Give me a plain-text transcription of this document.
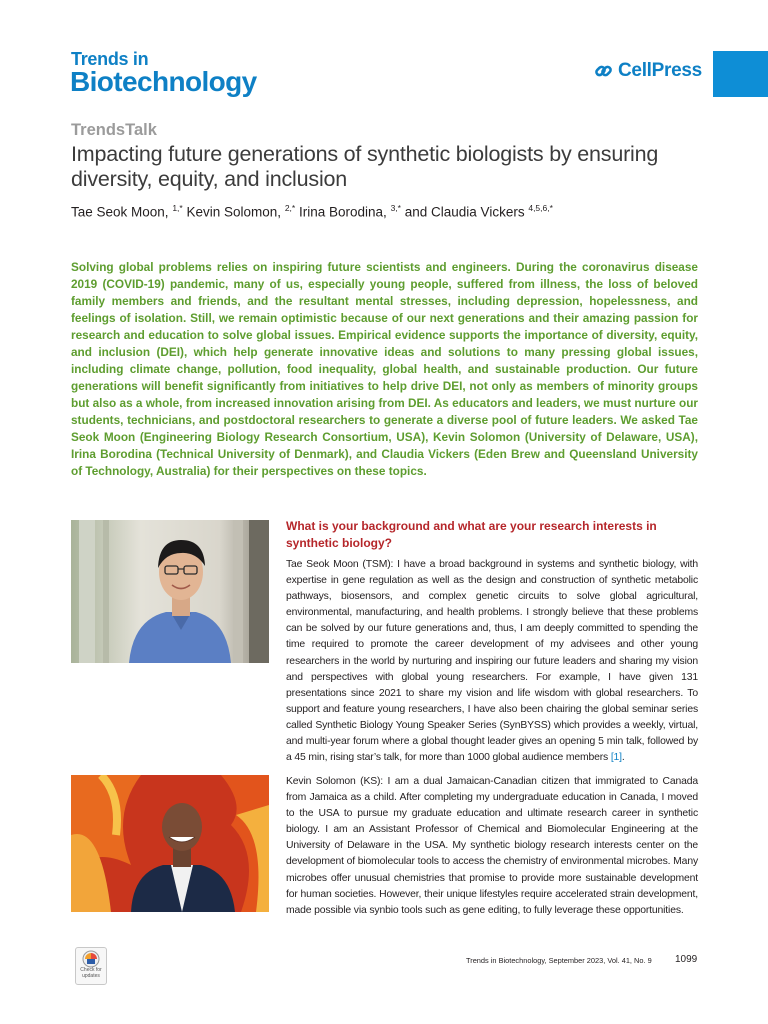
Trends in
Biotechnology	CellPress
TrendsTalk
Impacting future generations of synthetic biologists by ensuring diversity, equity, and inclusion
Tae Seok Moon, $^{1,*}$ Kevin Solomon, $^{2,*}$ Irina Borodina, $^{3,*}$ and Claudia Vickers $^{4,5,6,*}$

Solving global problems relies on inspiring future scientists and engineers. During the coronavirus disease 2019 (COVID-19) pandemic, many of us, especially young people, suffered from illness, the loss of beloved family members and friends, and the resultant mental stresses, including depression, hopelessness, and feelings of isolation. Still, we remain optimistic because of our next generations and their amazing passion for research and education to solve global issues. Empirical evidence supports the importance of diversity, equity, and inclusion (DEI), which help generate innovative ideas and solutions to many pressing global issues, including climate change, pollution, food inequality, global health, and sustainable production. Our future generations will benefit significantly from initiatives to help drive DEI, not only as members of minority groups but also as a whole, from increased innovation arising from DEI. As educators and leaders, we must nurture our students, technicians, and postdoctoral researchers to generate a diverse pool of future leaders. We asked Tae Seok Moon (Engineering Biology Research Consortium, USA), Kevin Solomon (University of Delaware, USA), Irina Borodina (Technical University of Denmark), and Claudia Vickers (Eden Brew and Queensland University of Technology, Australia) for their perspectives on these topics.

What is your background and what are your research interests in synthetic biology?

Tae Seok Moon (TSM): I have a broad background in systems and synthetic biology, with expertise in gene regulation as well as the design and construction of synthetic metabolic pathways, biosensors, and complex genetic circuits to solve global agricultural, environmental, manufacturing, and health problems. I strongly believe that these problems can be solved by our future generations and, thus, I am deeply committed to spending the time required to promote the career development of my advisees and other young researchers in the world by nurturing and inspiring our future leaders and sharing my vision and perspectives with global young researchers. For example, I have given 131 presentations since 2021 to share my vision and life wisdom with global researchers. To support and feature young researchers, I have also been chairing the global seminar series called Synthetic Biology Young Speaker Series (SynBYSS) which provides a weekly, virtual, and multi-year forum where a global thought leader gives an opening 5 min talk, followed by a 45 min, rising star’s talk, for more than 1000 global audience members [1].

Kevin Solomon (KS): I am a dual Jamaican-Canadian citizen that immigrated to Canada from Jamaica as a child. After completing my undergraduate education in Canada, I moved to the USA to pursue my graduate education and ultimate research career in synthetic biology. I am an Assistant Professor of Chemical and Biomolecular Engineering at the University of Delaware in the USA. My synthetic biology research interests center on the development of biomolecular tools to access the chemistry of environmental microbes. Many microbes offer unusual chemistries that promise to provide more sustainable development for human societies. However, their unique lifestyles require accelerated strain development, made possible via synbio tools such as gene editing, to fully leverage these opportunities.

Check for
updates
Trends in Biotechnology, September 2023, Vol. 41, No. 9 1099
